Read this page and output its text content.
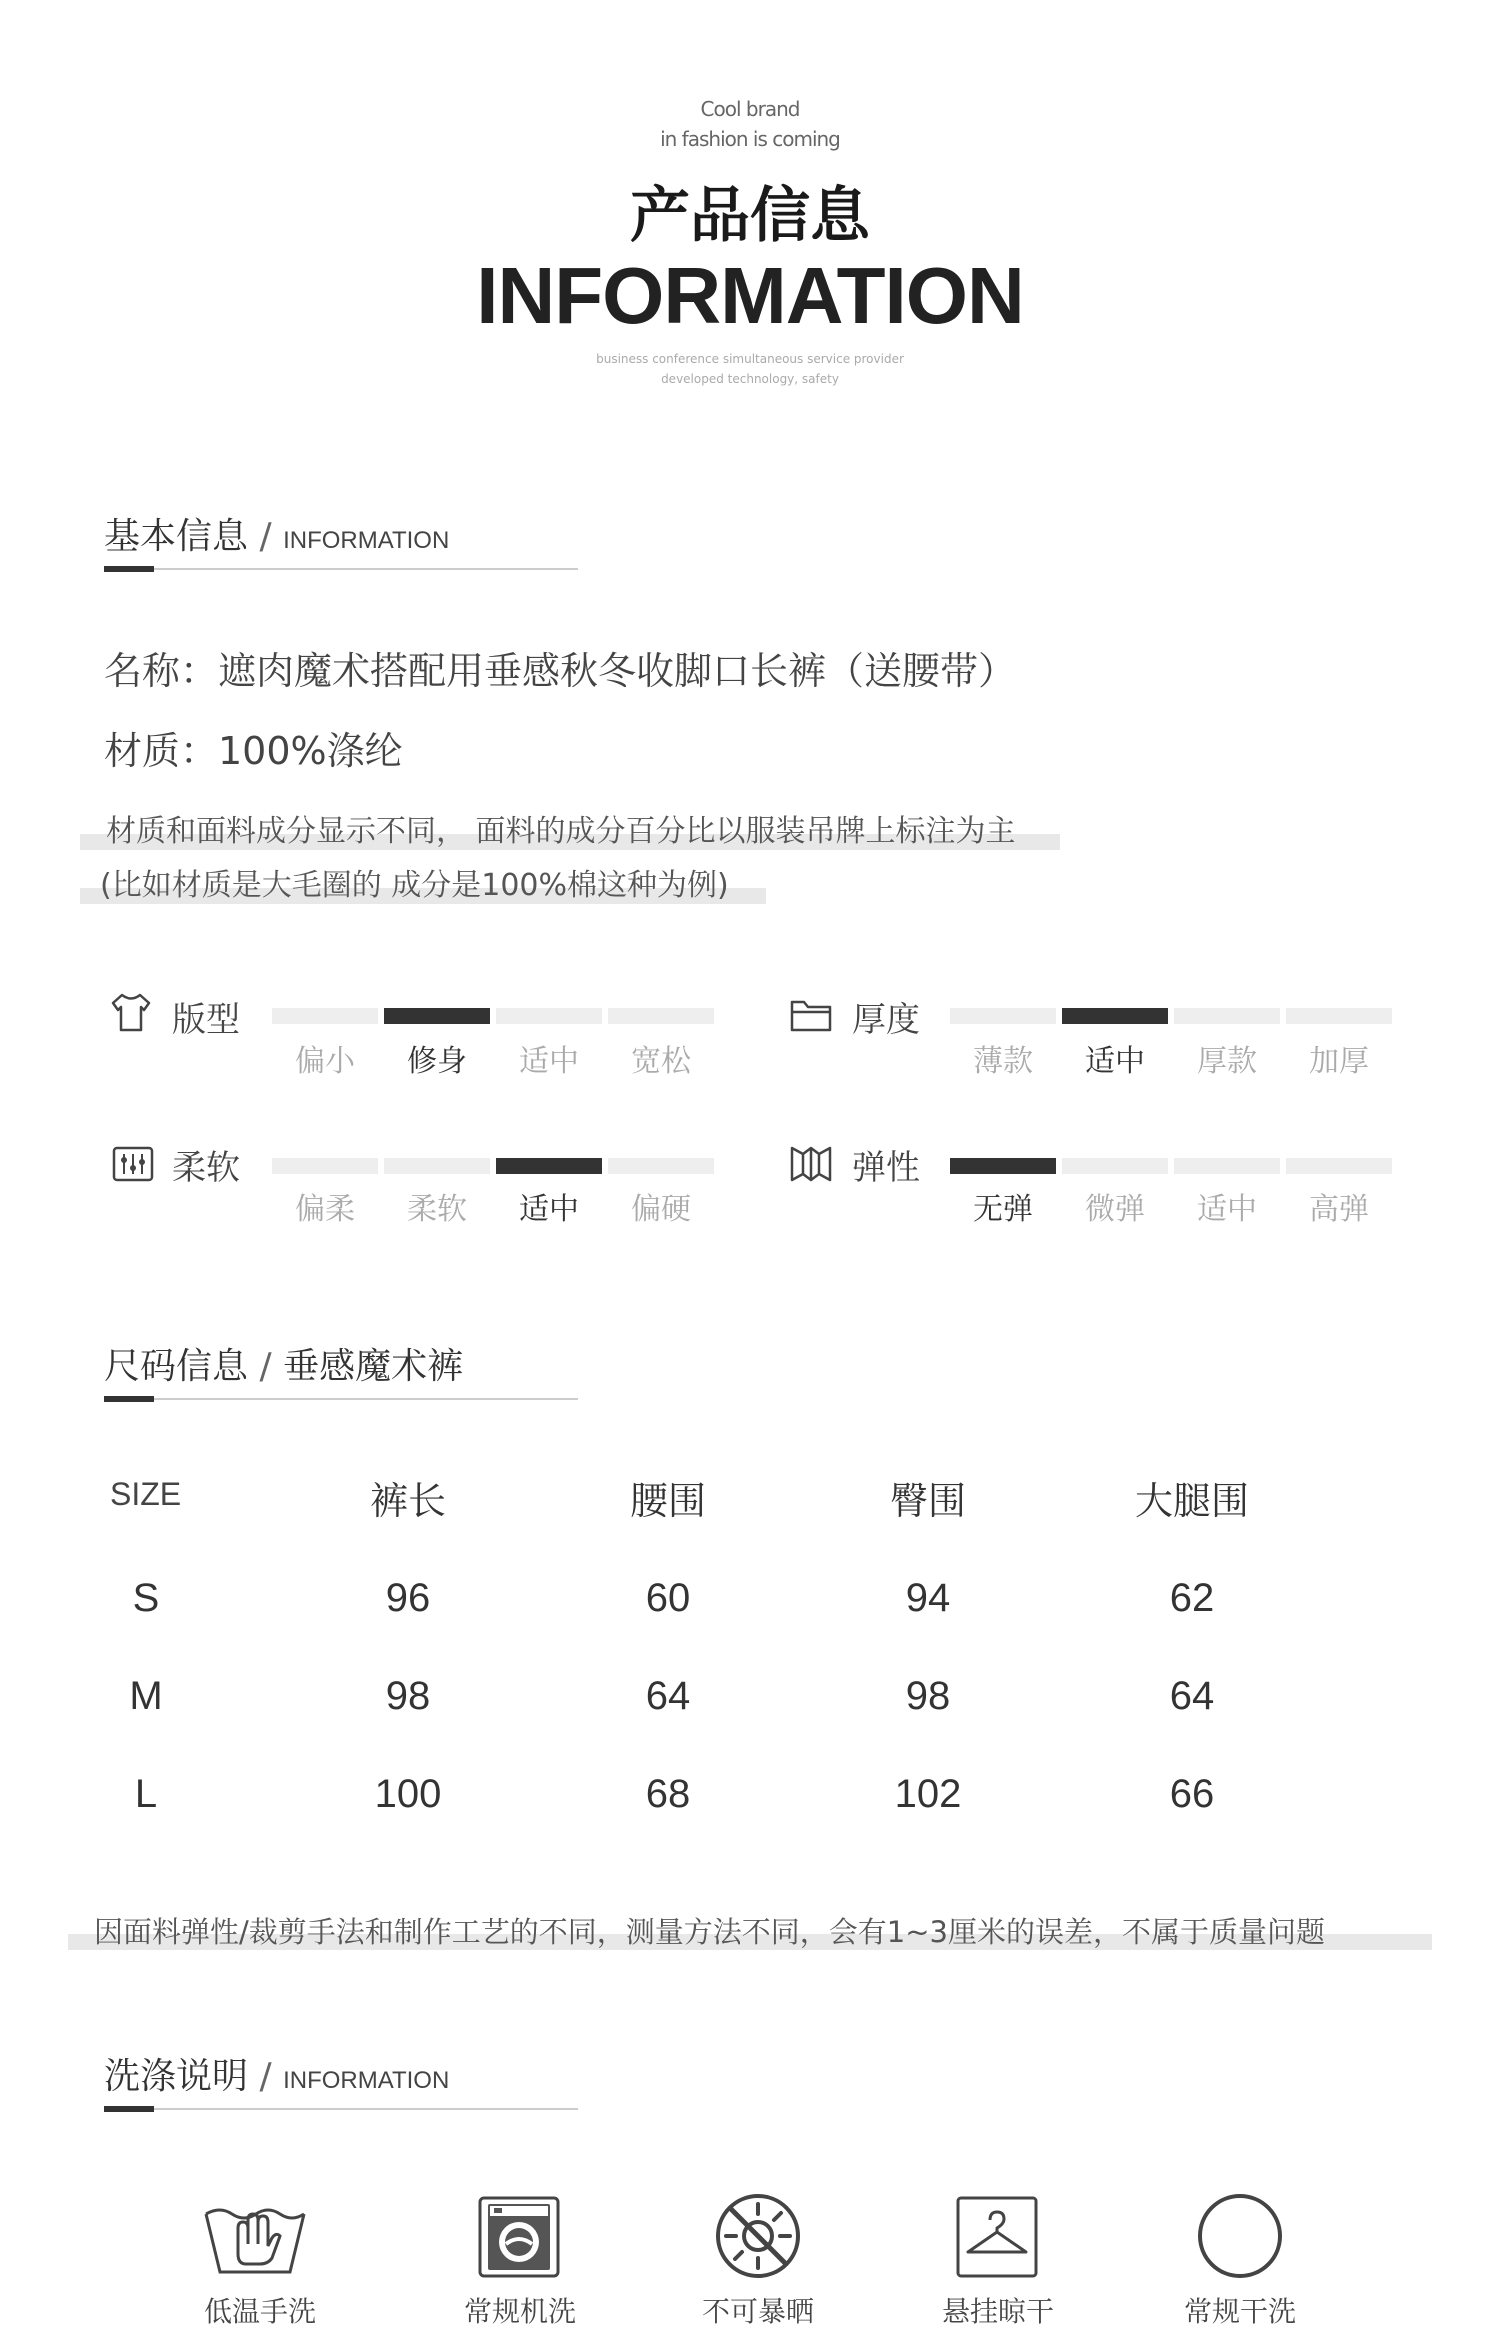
Cool brand
in fashion is coming
产品信息
INFORMATION
business conference simultaneous service provider
developed technology, safety
基本信息 / INFORMATION
名称：遮肉魔术搭配用垂感秋冬收脚口长裤（送腰带）
材质：100%涤纶
材质和面料成分显示不同， 面料的成分百分比以服装吊牌上标注为主
(比如材质是大毛圈的 成分是100%棉这种为例)
版型
偏小	修身	适中	宽松
厚度
薄款	适中	厚款	加厚
柔软
偏柔	柔软	适中	偏硬
弹性
无弹	微弹	适中	高弹
尺码信息 / 垂感魔术裤
SIZE	裤长	腰围	臀围	大腿围
S	96	60	94	62
M	98	64	98	64
L	100	68	102	66
因面料弹性/裁剪手法和制作工艺的不同，测量方法不同，会有1~3厘米的误差，不属于质量问题
洗涤说明 / INFORMATION
低温手洗	常规机洗	不可暴晒	悬挂晾干	常规干洗
